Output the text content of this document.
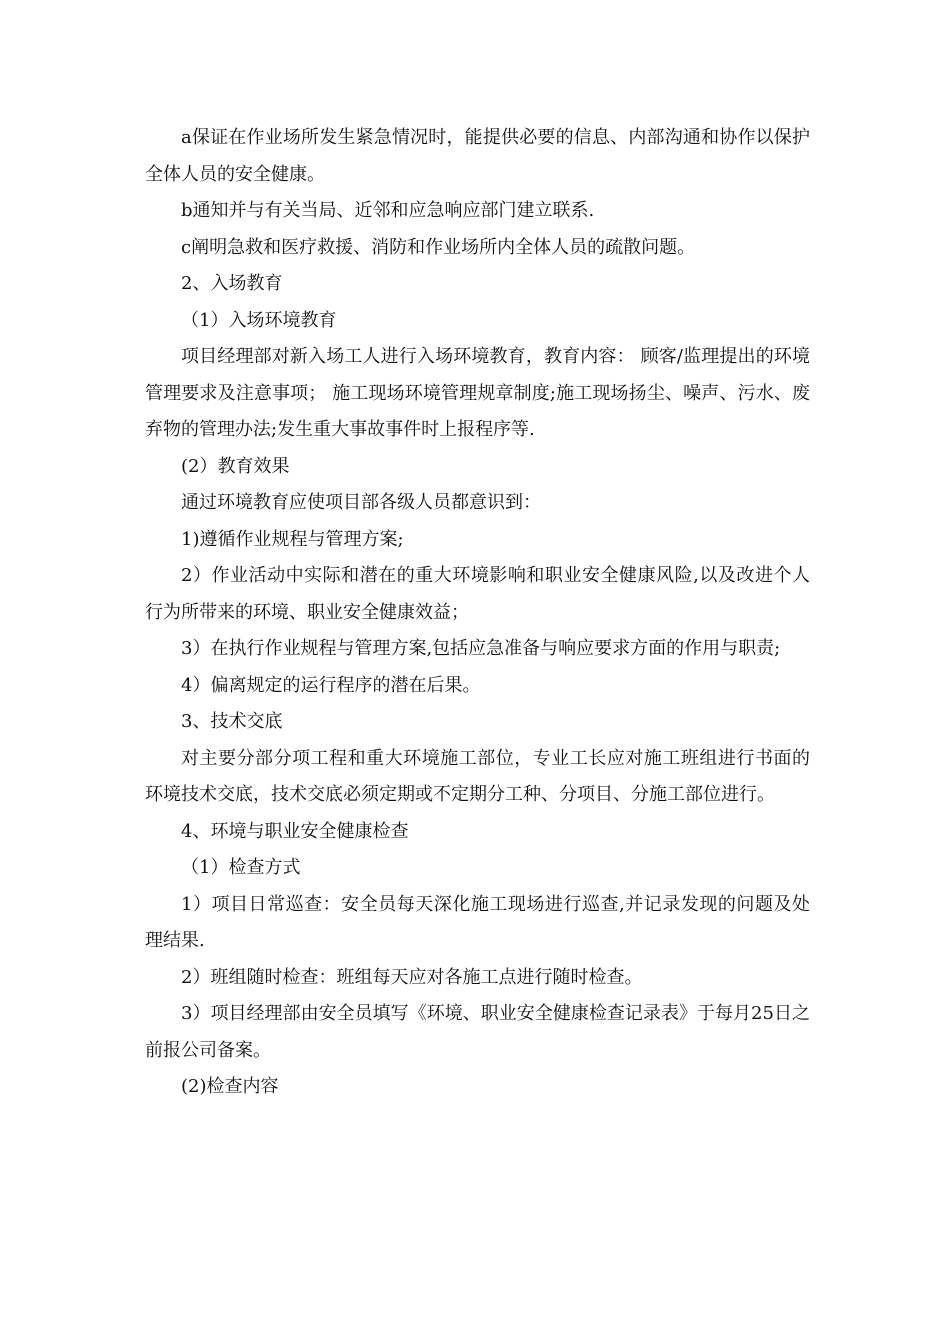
a保证在作业场所发生紧急情况时，能提供必要的信息、内部沟通和协作以保护全体人员的安全健康。

b通知并与有关当局、近邻和应急响应部门建立联系.

c阐明急救和医疗救援、消防和作业场所内全体人员的疏散问题。

2、入场教育

（1）入场环境教育

项目经理部对新入场工人进行入场环境教育，教育内容： 顾客/监理提出的环境管理要求及注意事项； 施工现场环境管理规章制度;施工现场扬尘、噪声、污水、废弃物的管理办法;发生重大事故事件时上报程序等.

(2）教育效果

通过环境教育应使项目部各级人员都意识到：

1)遵循作业规程与管理方案;

2）作业活动中实际和潜在的重大环境影响和职业安全健康风险,以及改进个人行为所带来的环境、职业安全健康效益；

3）在执行作业规程与管理方案,包括应急准备与响应要求方面的作用与职责;

4）偏离规定的运行程序的潜在后果。

3、技术交底

对主要分部分项工程和重大环境施工部位，专业工长应对施工班组进行书面的环境技术交底，技术交底必须定期或不定期分工种、分项目、分施工部位进行。

4、环境与职业安全健康检查

（1）检查方式

1）项目日常巡查：安全员每天深化施工现场进行巡查,并记录发现的问题及处理结果.

2）班组随时检查：班组每天应对各施工点进行随时检查。

3）项目经理部由安全员填写《环境、职业安全健康检查记录表》于每月25日之前报公司备案。

(2)检查内容
